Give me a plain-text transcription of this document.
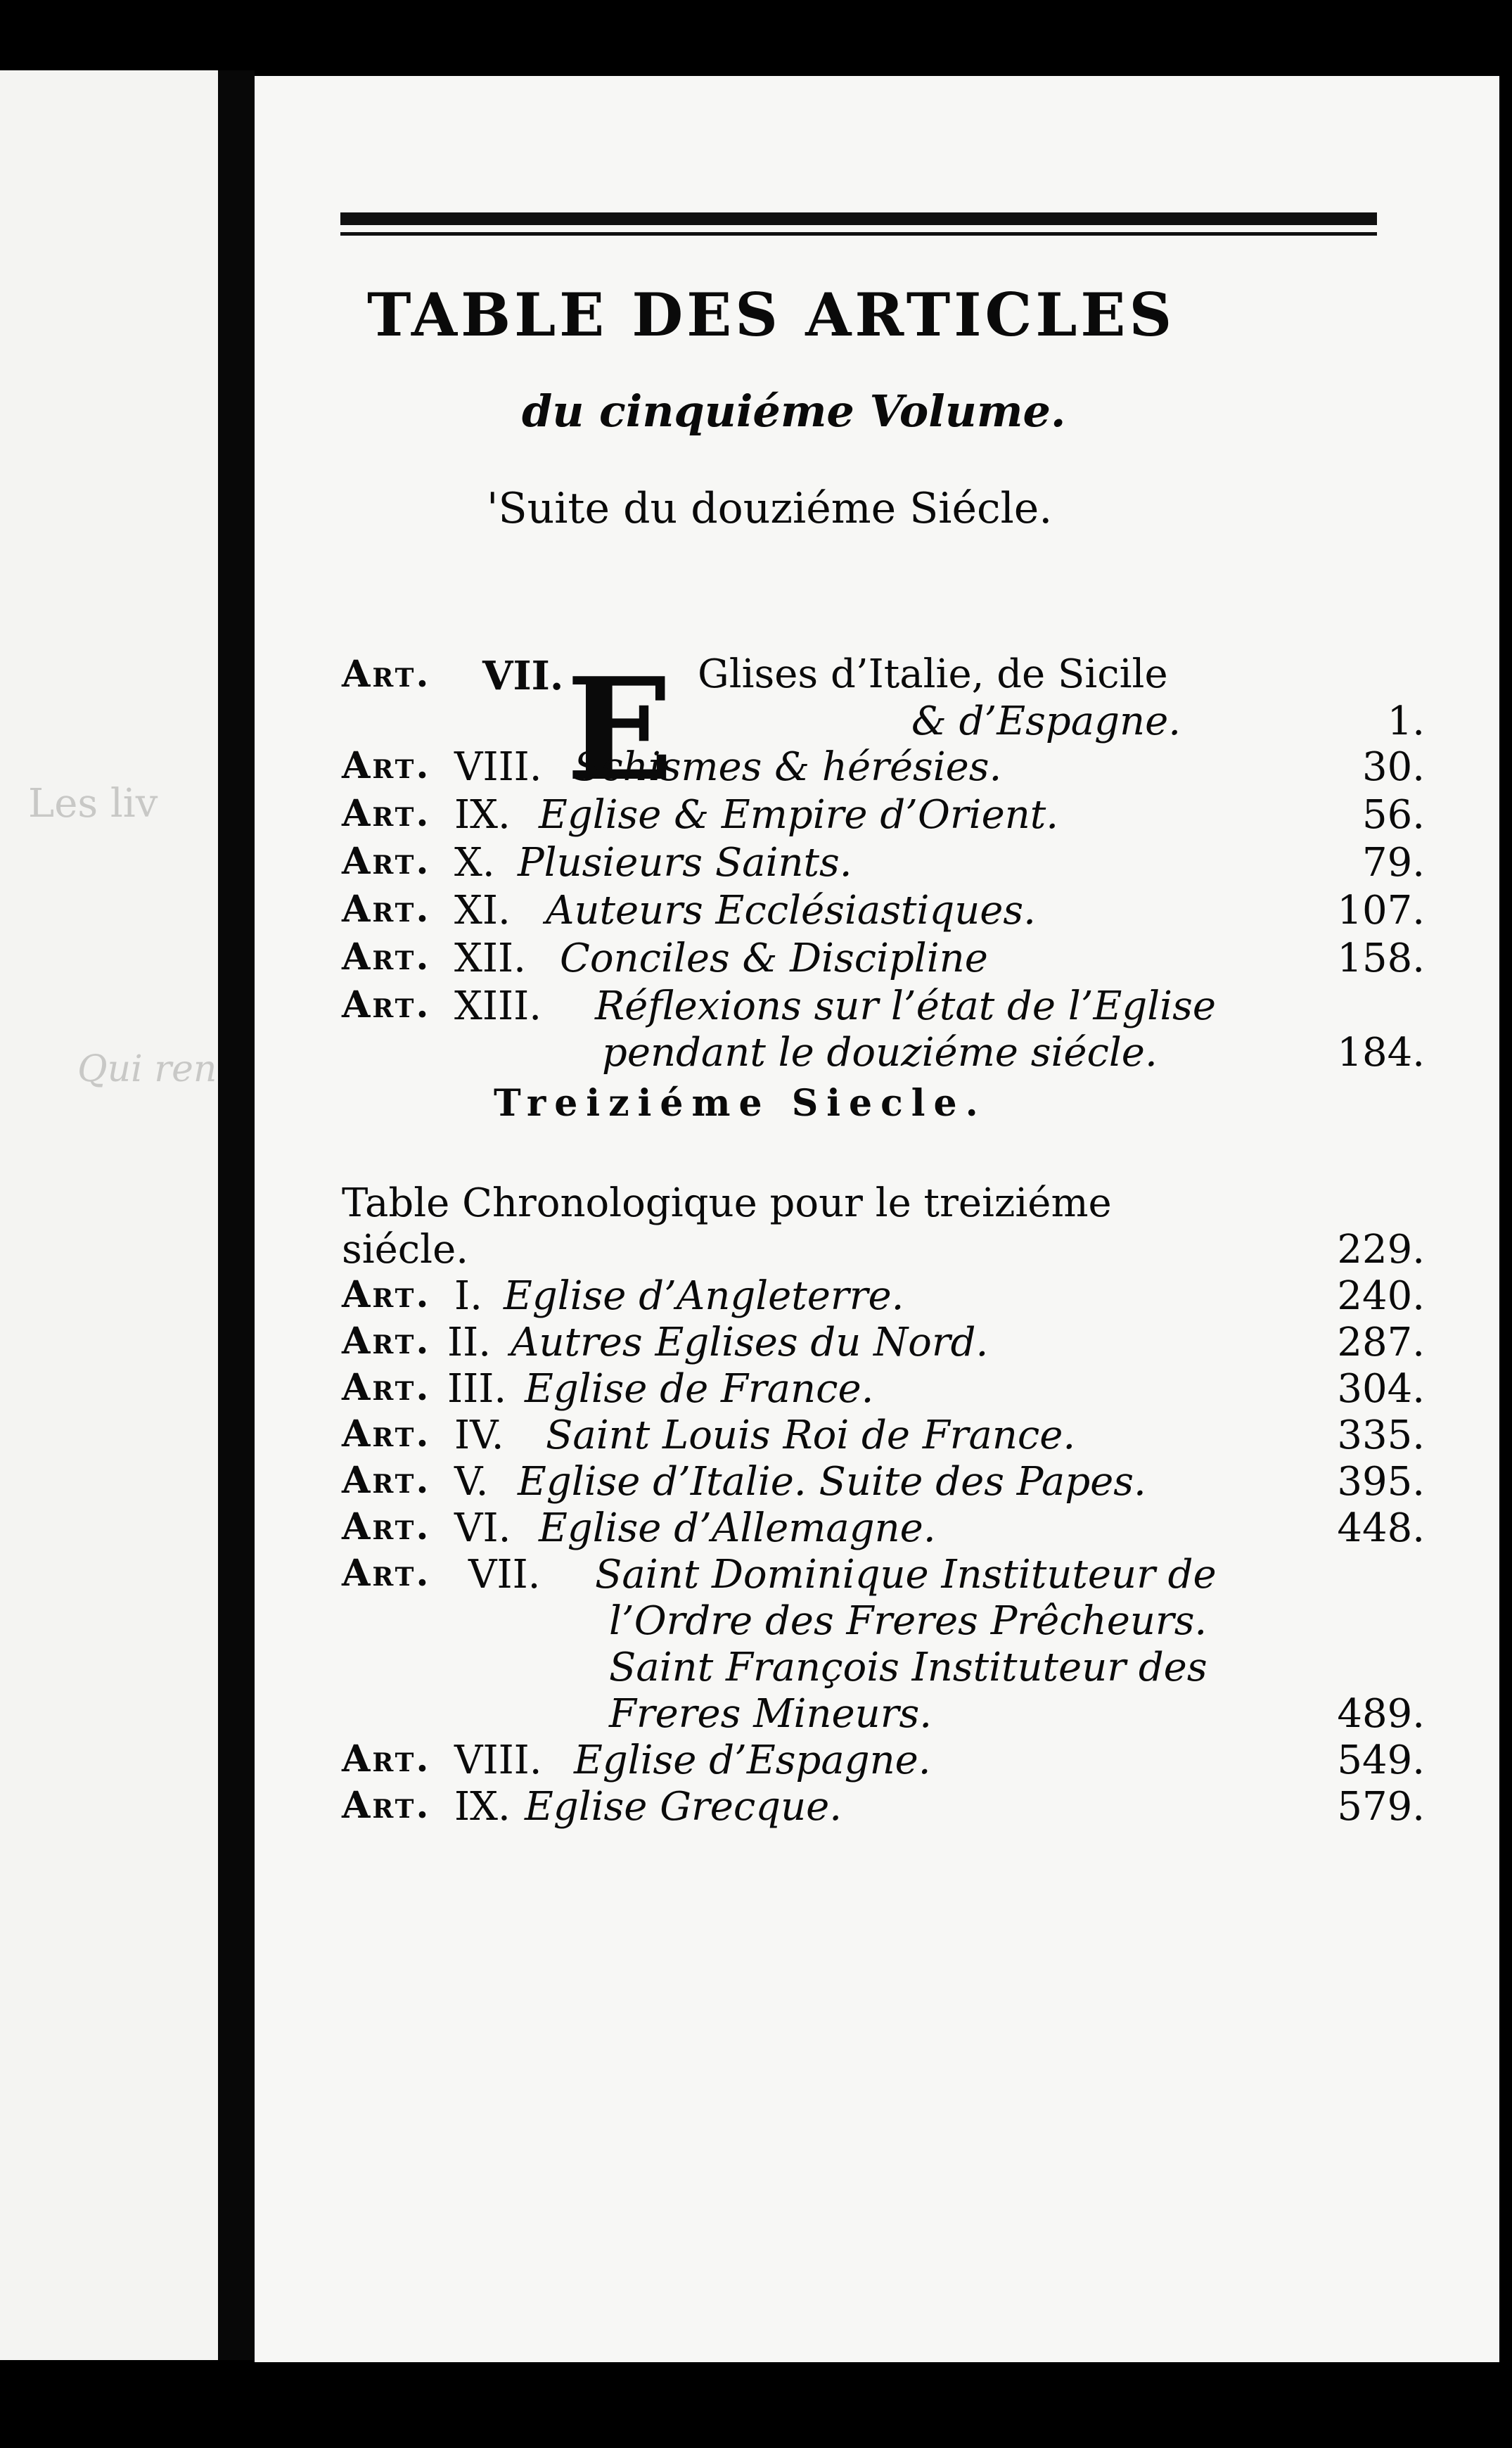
Les liv
Qui ren
TABLE DES ARTICLES
du cinquiéme Volume.
'Suite du douziéme Siécle.
Art. VII. E Glises d’Italie, de Sicile
& d’Espagne.	1.
Art. VIII. Schismes & hérésies.	30.
Art. IX. Eglise & Empire d’Orient.	56.
Art. X. Plusieurs Saints.	79.
Art. XI. Auteurs Ecclésiastiques.	107.
Art. XII. Conciles & Discipline	158.
Art. XIII. Réflexions sur l’état de l’Eglise
pendant le douziéme siécle.	184.
Treiziéme Siecle.
Table Chronologique pour le treiziéme
siécle.	229.
Art. I. Eglise d’Angleterre.	240.
Art. II. Autres Eglises du Nord.	287.
Art. III. Eglise de France.	304.
Art. IV. Saint Louis Roi de France.	335.
Art. V. Eglise d’Italie. Suite des Papes.	395.
Art. VI. Eglise d’Allemagne.	448.
Art. VII. Saint Dominique Instituteur de
l’Ordre des Freres Prêcheurs.
Saint François Instituteur des
Freres Mineurs.	489.
Art. VIII. Eglise d’Espagne.	549.
Art. IX. Eglise Grecque.	579.
